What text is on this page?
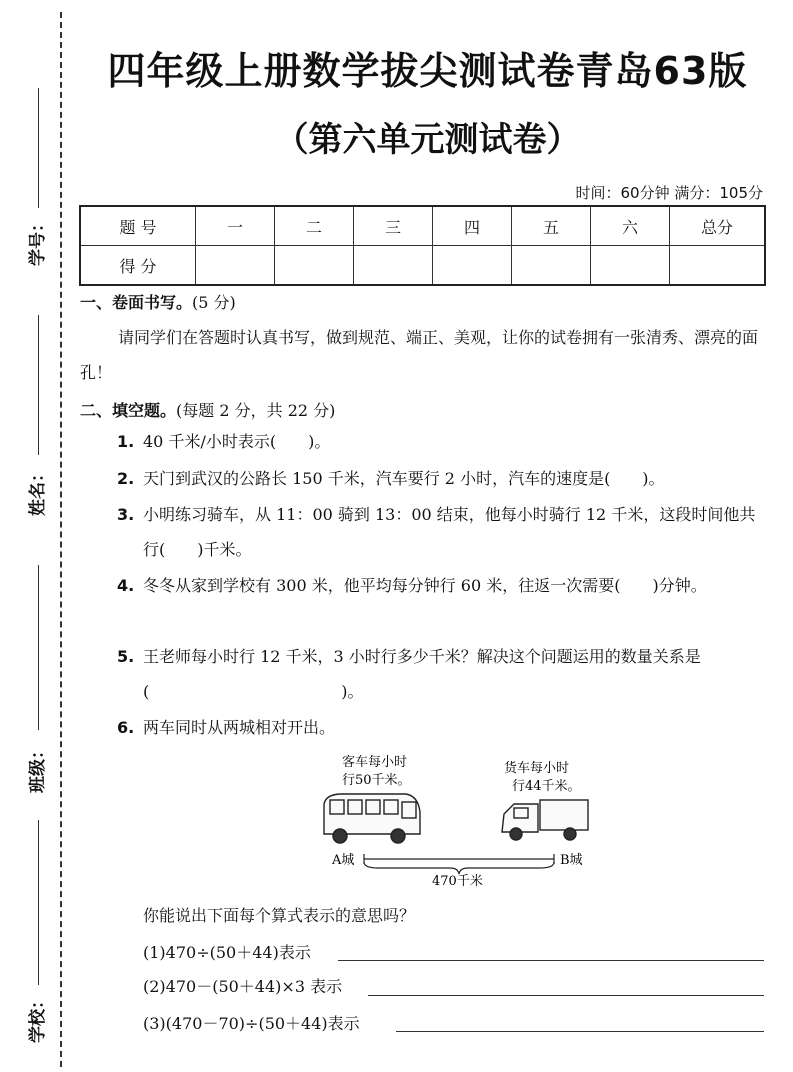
学号：
姓名：
班级：
学校：
四年级上册数学拔尖测试卷青岛63版
（第六单元测试卷）
时间：60分钟 满分：105分
题 号	一	二	三	四	五	六	总分
得 分							
一、卷面书写。(5 分)
请同学们在答题时认真书写，做到规范、端正、美观，让你的试卷拥有一张清秀、漂亮的面孔！
二、填空题。(每题 2 分，共 22 分)
1. 40 千米/小时表示(　　)。
2. 天门到武汉的公路长 150 千米，汽车要行 2 小时，汽车的速度是(　　)。
3. 小明练习骑车，从 11：00 骑到 13：00 结束，他每小时骑行 12 千米，这段时间他共行(　　)千米。
4. 冬冬从家到学校有 300 米，他平均每分钟行 60 米，往返一次需要(　　)分钟。
5. 王老师每小时行 12 千米，3 小时行多少千米？解决这个问题运用的数量关系是(　　　　　　　　　　　　)。
6. 两车同时从两城相对开出。
客车每小时
行50千米。
货车每小时
行44千米。
A城	B城
470千米
你能说出下面每个算式表示的意思吗？
(1)470÷(50＋44)表示
(2)470－(50＋44)×3 表示
(3)(470－70)÷(50＋44)表示
